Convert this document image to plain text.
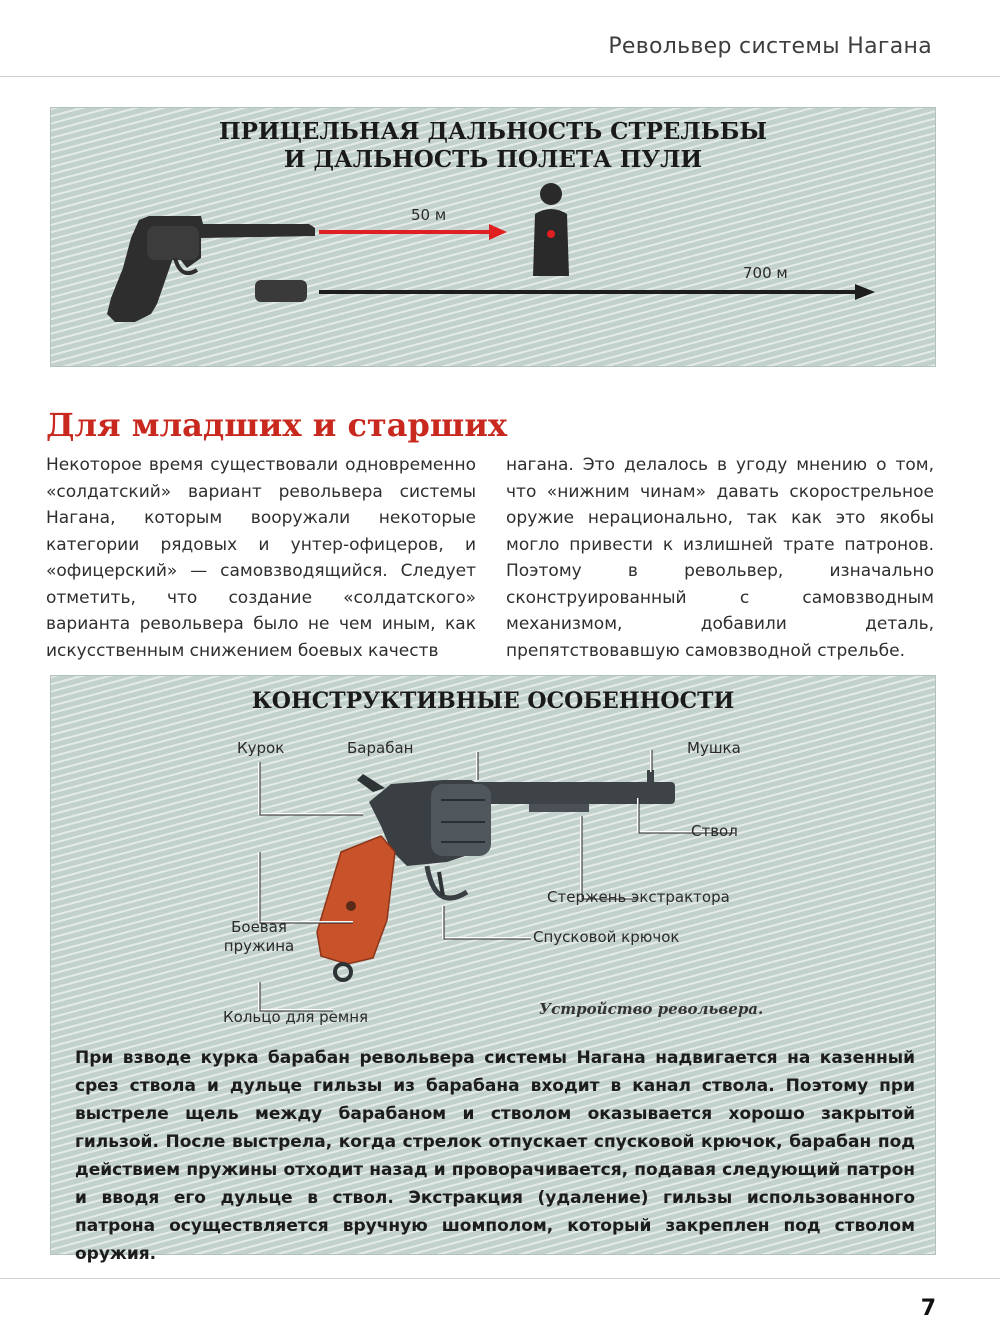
Револьвер системы Нагана
ПРИЦЕЛЬНАЯ ДАЛЬНОСТЬ СТРЕЛЬБЫ
И ДАЛЬНОСТЬ ПОЛЕТА ПУЛИ
50 м
700 м
Для младших и старших
Некоторое время существовали одновременно «солдатский» вариант револьвера системы Нагана, которым вооружали некоторые категории рядовых и унтер-офицеров, и «офицерский» — самовзводящийся. Следует отметить, что создание «солдатского» варианта револьвера было не чем иным, как искусственным снижением боевых качеств
нагана. Это делалось в угоду мнению о том, что «нижним чинам» давать скорострельное оружие нерационально, так как это якобы могло привести к излишней трате патронов. Поэтому в револьвер, изначально сконструированный с самовзводным механизмом, добавили деталь, препятствовавшую самовзводной стрельбе.
КОНСТРУКТИВНЫЕ ОСОБЕННОСТИ
Курок	Барабан	Мушка
Ствол
Стержень экстрактора
Боевая пружина	Спусковой крючок
Кольцо для ремня	Устройство револьвера.
При взводе курка барабан револьвера системы Нагана надвигается на казенный срез ствола и дульце гильзы из барабана входит в канал ствола. Поэтому при выстреле щель между барабаном и стволом оказывается хорошо закрытой гильзой. После выстрела, когда стрелок отпускает спусковой крючок, барабан под действием пружины отходит назад и проворачивается, подавая следующий патрон и вводя его дульце в ствол. Экстракция (удаление) гильзы использованного патрона осуществляется вручную шомполом, который закреплен под стволом оружия.
7
